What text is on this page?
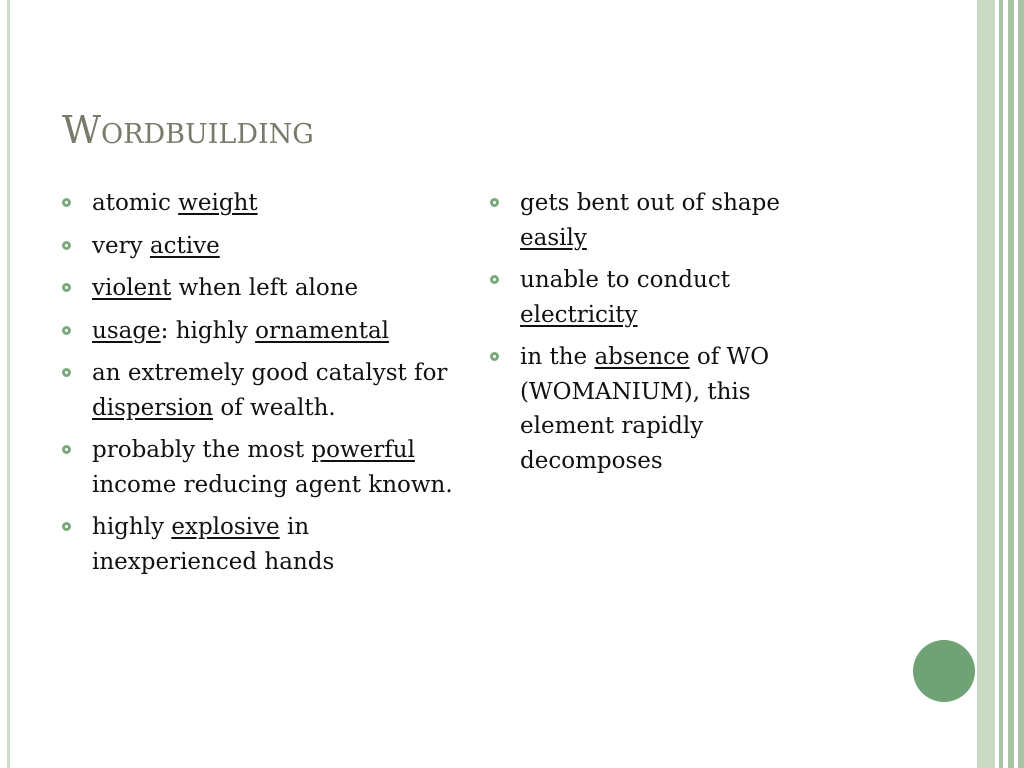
Wordbuilding
atomic weight
very active
violent when left alone
usage: highly ornamental
an extremely good catalyst for dispersion of wealth.
probably the most powerful income reducing agent known.
highly explosive in inexperienced hands
gets bent out of shape easily
unable to conduct electricity
in the absence of WO (WOMANIUM), this element rapidly decomposes
